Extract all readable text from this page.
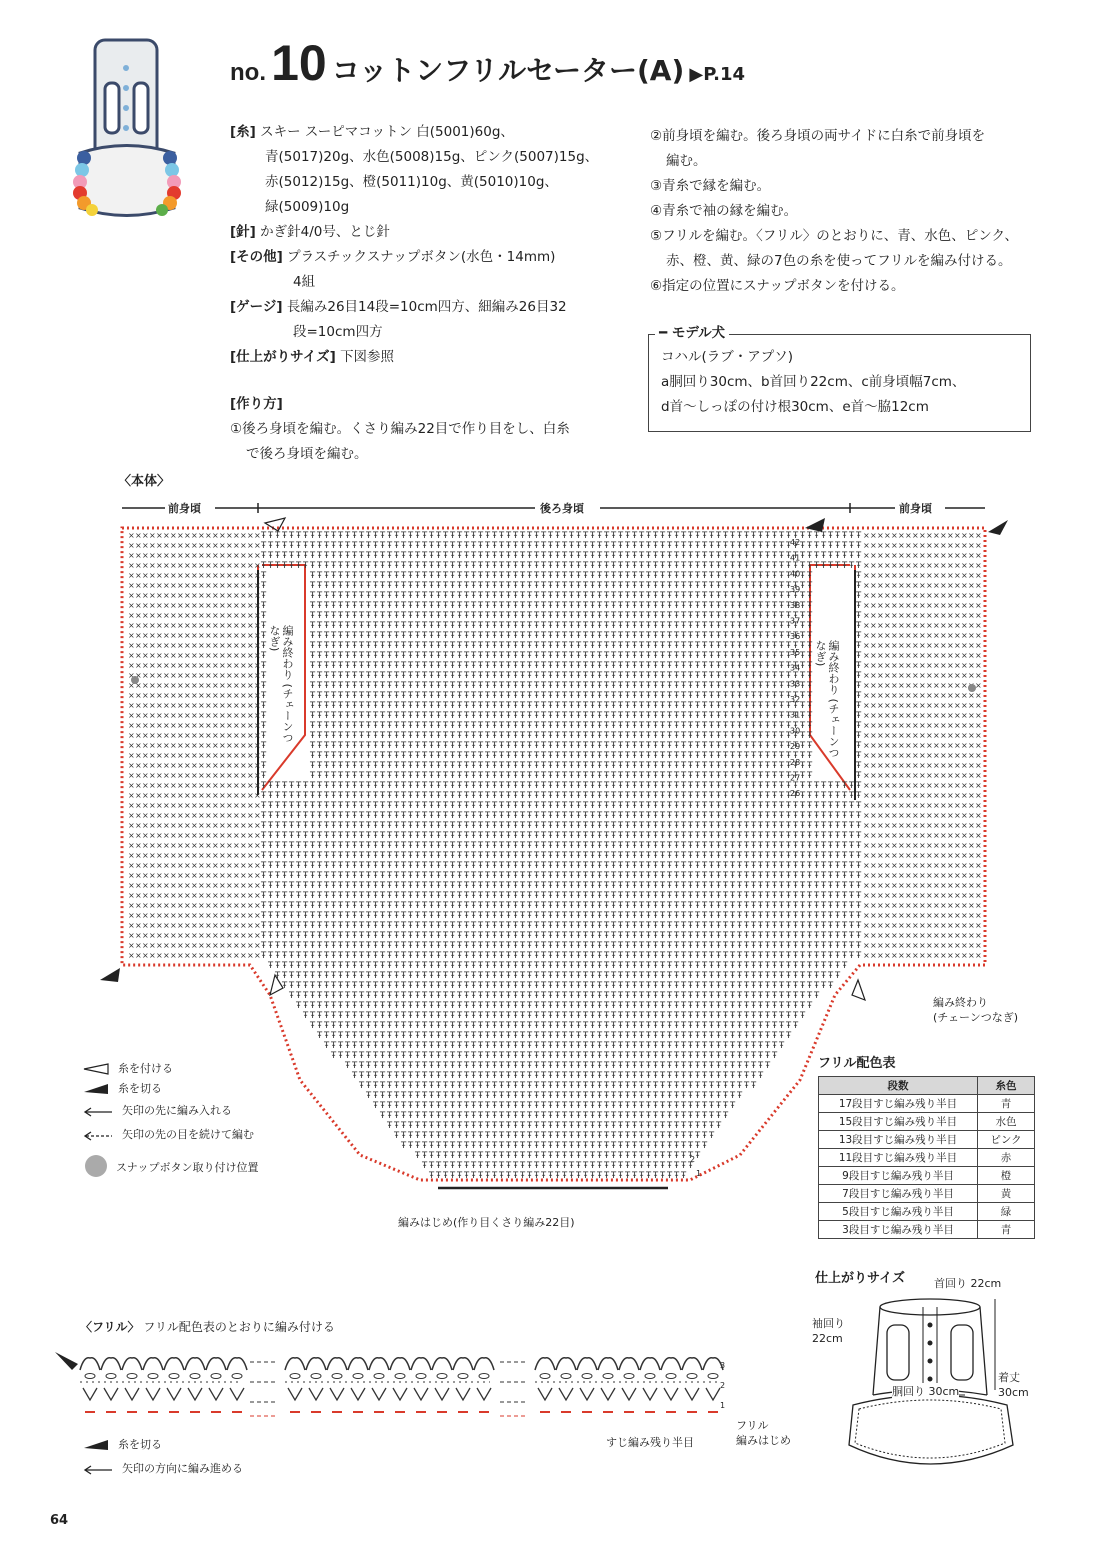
no. 10 コットンフリルセーター(A) ▶P.14
[糸] スキー スーピマコットン 白(5001)60g、
青(5017)20g、水色(5008)15g、ピンク(5007)15g、
赤(5012)15g、橙(5011)10g、黄(5010)10g、
緑(5009)10g
[針] かぎ針4/0号、とじ針
[その他] プラスチックスナップボタン(水色・14mm)
4組
[ゲージ] 長編み26目14段=10cm四方、細編み26目32
段=10cm四方
[仕上がりサイズ] 下図参照
[作り方]
①後ろ身頃を編む。くさり編み22目で作り目をし、白糸
で後ろ身頃を編む。
②前身頃を編む。後ろ身頃の両サイドに白糸で前身頃を
編む。
③青糸で縁を編む。
④青糸で袖の縁を編む。
⑤フリルを編む。〈フリル〉のとおりに、青、水色、ピンク、
赤、橙、黄、緑の7色の糸を使ってフリルを編み付ける。
⑥指定の位置にスナップボタンを付ける。
━ モデル犬
コハル(ラブ・アプソ)
a胴回り30cm、b首回り22cm、c前身頃幅7cm、
d首〜しっぽの付け根30cm、e首〜脇12cm
〈本体〉
× × × × × × × × × × × × × × × × × × × Ŧ Ŧ Ŧ Ŧ Ŧ Ŧ Ŧ Ŧ Ŧ Ŧ Ŧ Ŧ Ŧ Ŧ Ŧ Ŧ Ŧ Ŧ Ŧ Ŧ Ŧ Ŧ Ŧ Ŧ Ŧ Ŧ Ŧ Ŧ Ŧ Ŧ Ŧ Ŧ Ŧ Ŧ Ŧ Ŧ Ŧ Ŧ Ŧ Ŧ Ŧ Ŧ Ŧ Ŧ Ŧ Ŧ Ŧ Ŧ Ŧ Ŧ Ŧ Ŧ Ŧ Ŧ Ŧ Ŧ Ŧ Ŧ Ŧ Ŧ Ŧ Ŧ Ŧ Ŧ Ŧ Ŧ Ŧ Ŧ Ŧ Ŧ Ŧ Ŧ Ŧ Ŧ Ŧ Ŧ Ŧ Ŧ Ŧ Ŧ Ŧ Ŧ Ŧ Ŧ Ŧ Ŧ × × × × × × × × × × × × × × × × ×
× × × × × × × × × × × × × × × × × × × Ŧ Ŧ Ŧ Ŧ Ŧ Ŧ Ŧ Ŧ Ŧ Ŧ Ŧ Ŧ Ŧ Ŧ Ŧ Ŧ Ŧ Ŧ Ŧ Ŧ Ŧ Ŧ Ŧ Ŧ Ŧ Ŧ Ŧ Ŧ Ŧ Ŧ Ŧ Ŧ Ŧ Ŧ Ŧ Ŧ Ŧ Ŧ Ŧ Ŧ Ŧ Ŧ Ŧ Ŧ Ŧ Ŧ Ŧ Ŧ Ŧ Ŧ Ŧ Ŧ Ŧ Ŧ Ŧ Ŧ Ŧ Ŧ Ŧ Ŧ Ŧ Ŧ Ŧ Ŧ Ŧ Ŧ Ŧ Ŧ Ŧ Ŧ Ŧ Ŧ Ŧ Ŧ Ŧ Ŧ Ŧ Ŧ Ŧ Ŧ Ŧ Ŧ Ŧ Ŧ Ŧ Ŧ × × × × × × × × × × × × × × × × ×
× × × × × × × × × × × × × × × × × × × Ŧ Ŧ Ŧ Ŧ Ŧ Ŧ Ŧ Ŧ Ŧ Ŧ Ŧ Ŧ Ŧ Ŧ Ŧ Ŧ Ŧ Ŧ Ŧ Ŧ Ŧ Ŧ Ŧ Ŧ Ŧ Ŧ Ŧ Ŧ Ŧ Ŧ Ŧ Ŧ Ŧ Ŧ Ŧ Ŧ Ŧ Ŧ Ŧ Ŧ Ŧ Ŧ Ŧ Ŧ Ŧ Ŧ Ŧ Ŧ Ŧ Ŧ Ŧ Ŧ Ŧ Ŧ Ŧ Ŧ Ŧ Ŧ Ŧ Ŧ Ŧ Ŧ Ŧ Ŧ Ŧ Ŧ Ŧ Ŧ Ŧ Ŧ Ŧ Ŧ Ŧ Ŧ Ŧ Ŧ Ŧ Ŧ Ŧ Ŧ Ŧ Ŧ Ŧ Ŧ Ŧ Ŧ × × × × × × × × × × × × × × × × ×
× × × × × × × × × × × × × × × × × × × Ŧ Ŧ Ŧ Ŧ Ŧ Ŧ Ŧ Ŧ Ŧ Ŧ Ŧ Ŧ Ŧ Ŧ Ŧ Ŧ Ŧ Ŧ Ŧ Ŧ Ŧ Ŧ Ŧ Ŧ Ŧ Ŧ Ŧ Ŧ Ŧ Ŧ Ŧ Ŧ Ŧ Ŧ Ŧ Ŧ Ŧ Ŧ Ŧ Ŧ Ŧ Ŧ Ŧ Ŧ Ŧ Ŧ Ŧ Ŧ Ŧ Ŧ Ŧ Ŧ Ŧ Ŧ Ŧ Ŧ Ŧ Ŧ Ŧ Ŧ Ŧ Ŧ Ŧ Ŧ Ŧ Ŧ Ŧ Ŧ Ŧ Ŧ Ŧ Ŧ Ŧ Ŧ Ŧ Ŧ Ŧ Ŧ Ŧ Ŧ Ŧ Ŧ Ŧ Ŧ Ŧ Ŧ × × × × × × × × × × × × × × × × ×
× × × × × × × × × × × × × × × × × × × Ŧ	Ŧ Ŧ Ŧ Ŧ Ŧ Ŧ Ŧ Ŧ Ŧ Ŧ Ŧ Ŧ Ŧ Ŧ Ŧ Ŧ Ŧ Ŧ Ŧ Ŧ Ŧ Ŧ Ŧ Ŧ Ŧ Ŧ Ŧ Ŧ Ŧ Ŧ Ŧ Ŧ Ŧ Ŧ Ŧ Ŧ Ŧ Ŧ Ŧ Ŧ Ŧ Ŧ Ŧ Ŧ Ŧ Ŧ Ŧ Ŧ Ŧ Ŧ Ŧ Ŧ Ŧ Ŧ Ŧ Ŧ Ŧ Ŧ Ŧ Ŧ Ŧ Ŧ Ŧ Ŧ Ŧ Ŧ Ŧ Ŧ Ŧ Ŧ Ŧ Ŧ	Ŧ × × × × × × × × × × × × × × × × ×
× × × × × × × × × × × × × × × × × × × Ŧ	Ŧ Ŧ Ŧ Ŧ Ŧ Ŧ Ŧ Ŧ Ŧ Ŧ Ŧ Ŧ Ŧ Ŧ Ŧ Ŧ Ŧ Ŧ Ŧ Ŧ Ŧ Ŧ Ŧ Ŧ Ŧ Ŧ Ŧ Ŧ Ŧ Ŧ Ŧ Ŧ Ŧ Ŧ Ŧ Ŧ Ŧ Ŧ Ŧ Ŧ Ŧ Ŧ Ŧ Ŧ Ŧ Ŧ Ŧ Ŧ Ŧ Ŧ Ŧ Ŧ Ŧ Ŧ Ŧ Ŧ Ŧ Ŧ Ŧ Ŧ Ŧ Ŧ Ŧ Ŧ Ŧ Ŧ Ŧ Ŧ Ŧ Ŧ Ŧ Ŧ	Ŧ × × × × × × × × × × × × × × × × ×
× × × × × × × × × × × × × × × × × × × Ŧ	Ŧ Ŧ Ŧ Ŧ Ŧ Ŧ Ŧ Ŧ Ŧ Ŧ Ŧ Ŧ Ŧ Ŧ Ŧ Ŧ Ŧ Ŧ Ŧ Ŧ Ŧ Ŧ Ŧ Ŧ Ŧ Ŧ Ŧ Ŧ Ŧ Ŧ Ŧ Ŧ Ŧ Ŧ Ŧ Ŧ Ŧ Ŧ Ŧ Ŧ Ŧ Ŧ Ŧ Ŧ Ŧ Ŧ Ŧ Ŧ Ŧ Ŧ Ŧ Ŧ Ŧ Ŧ Ŧ Ŧ Ŧ Ŧ Ŧ Ŧ Ŧ Ŧ Ŧ Ŧ Ŧ Ŧ Ŧ Ŧ Ŧ Ŧ Ŧ Ŧ	Ŧ × × × × × × × × × × × × × × × × ×
× × × × × × × × × × × × × × × × × × × Ŧ	Ŧ Ŧ Ŧ Ŧ Ŧ Ŧ Ŧ Ŧ Ŧ Ŧ Ŧ Ŧ Ŧ Ŧ Ŧ Ŧ Ŧ Ŧ Ŧ Ŧ Ŧ Ŧ Ŧ Ŧ Ŧ Ŧ Ŧ Ŧ Ŧ Ŧ Ŧ Ŧ Ŧ Ŧ Ŧ Ŧ Ŧ Ŧ Ŧ Ŧ Ŧ Ŧ Ŧ Ŧ Ŧ Ŧ Ŧ Ŧ Ŧ Ŧ Ŧ Ŧ Ŧ Ŧ Ŧ Ŧ Ŧ Ŧ Ŧ Ŧ Ŧ Ŧ Ŧ Ŧ Ŧ Ŧ Ŧ Ŧ Ŧ Ŧ Ŧ Ŧ	Ŧ × × × × × × × × × × × × × × × × ×
× × × × × × × × × × × × × × × × × × × Ŧ	Ŧ Ŧ Ŧ Ŧ Ŧ Ŧ Ŧ Ŧ Ŧ Ŧ Ŧ Ŧ Ŧ Ŧ Ŧ Ŧ Ŧ Ŧ Ŧ Ŧ Ŧ Ŧ Ŧ Ŧ Ŧ Ŧ Ŧ Ŧ Ŧ Ŧ Ŧ Ŧ Ŧ Ŧ Ŧ Ŧ Ŧ Ŧ Ŧ Ŧ Ŧ Ŧ Ŧ Ŧ Ŧ Ŧ Ŧ Ŧ Ŧ Ŧ Ŧ Ŧ Ŧ Ŧ Ŧ Ŧ Ŧ Ŧ Ŧ Ŧ Ŧ Ŧ Ŧ Ŧ Ŧ Ŧ Ŧ Ŧ Ŧ Ŧ Ŧ Ŧ	Ŧ × × × × × × × × × × × × × × × × ×
× × × × × × × × × × × × × × × × × × × Ŧ	Ŧ Ŧ Ŧ Ŧ Ŧ Ŧ Ŧ Ŧ Ŧ Ŧ Ŧ Ŧ Ŧ Ŧ Ŧ Ŧ Ŧ Ŧ Ŧ Ŧ Ŧ Ŧ Ŧ Ŧ Ŧ Ŧ Ŧ Ŧ Ŧ Ŧ Ŧ Ŧ Ŧ Ŧ Ŧ Ŧ Ŧ Ŧ Ŧ Ŧ Ŧ Ŧ Ŧ Ŧ Ŧ Ŧ Ŧ Ŧ Ŧ Ŧ Ŧ Ŧ Ŧ Ŧ Ŧ Ŧ Ŧ Ŧ Ŧ Ŧ Ŧ Ŧ Ŧ Ŧ Ŧ Ŧ Ŧ Ŧ Ŧ Ŧ Ŧ Ŧ	Ŧ × × × × × × × × × × × × × × × × ×
× × × × × × × × × × × × × × × × × × × Ŧ	Ŧ Ŧ Ŧ Ŧ Ŧ Ŧ Ŧ Ŧ Ŧ Ŧ Ŧ Ŧ Ŧ Ŧ Ŧ Ŧ Ŧ Ŧ Ŧ Ŧ Ŧ Ŧ Ŧ Ŧ Ŧ Ŧ Ŧ Ŧ Ŧ Ŧ Ŧ Ŧ Ŧ Ŧ Ŧ Ŧ Ŧ Ŧ Ŧ Ŧ Ŧ Ŧ Ŧ Ŧ Ŧ Ŧ Ŧ Ŧ Ŧ Ŧ Ŧ Ŧ Ŧ Ŧ Ŧ Ŧ Ŧ Ŧ Ŧ Ŧ Ŧ Ŧ Ŧ Ŧ Ŧ Ŧ Ŧ Ŧ Ŧ Ŧ Ŧ Ŧ	Ŧ × × × × × × × × × × × × × × × × ×
× × × × × × × × × × × × × × × × × × × Ŧ	Ŧ Ŧ Ŧ Ŧ Ŧ Ŧ Ŧ Ŧ Ŧ Ŧ Ŧ Ŧ Ŧ Ŧ Ŧ Ŧ Ŧ Ŧ Ŧ Ŧ Ŧ Ŧ Ŧ Ŧ Ŧ Ŧ Ŧ Ŧ Ŧ Ŧ Ŧ Ŧ Ŧ Ŧ Ŧ Ŧ Ŧ Ŧ Ŧ Ŧ Ŧ Ŧ Ŧ Ŧ Ŧ Ŧ Ŧ Ŧ Ŧ Ŧ Ŧ Ŧ Ŧ Ŧ Ŧ Ŧ Ŧ Ŧ Ŧ Ŧ Ŧ Ŧ Ŧ Ŧ Ŧ Ŧ Ŧ Ŧ Ŧ Ŧ Ŧ Ŧ	Ŧ × × × × × × × × × × × × × × × × ×
× × × × × × × × × × × × × × × × × × × Ŧ	Ŧ Ŧ Ŧ Ŧ Ŧ Ŧ Ŧ Ŧ Ŧ Ŧ Ŧ Ŧ Ŧ Ŧ Ŧ Ŧ Ŧ Ŧ Ŧ Ŧ Ŧ Ŧ Ŧ Ŧ Ŧ Ŧ Ŧ Ŧ Ŧ Ŧ Ŧ Ŧ Ŧ Ŧ Ŧ Ŧ Ŧ Ŧ Ŧ Ŧ Ŧ Ŧ Ŧ Ŧ Ŧ Ŧ Ŧ Ŧ Ŧ Ŧ Ŧ Ŧ Ŧ Ŧ Ŧ Ŧ Ŧ Ŧ Ŧ Ŧ Ŧ Ŧ Ŧ Ŧ Ŧ Ŧ Ŧ Ŧ Ŧ Ŧ Ŧ Ŧ	Ŧ × × × × × × × × × × × × × × × × ×
× × × × × × × × × × × × × × × × × × × Ŧ	Ŧ Ŧ Ŧ Ŧ Ŧ Ŧ Ŧ Ŧ Ŧ Ŧ Ŧ Ŧ Ŧ Ŧ Ŧ Ŧ Ŧ Ŧ Ŧ Ŧ Ŧ Ŧ Ŧ Ŧ Ŧ Ŧ Ŧ Ŧ Ŧ Ŧ Ŧ Ŧ Ŧ Ŧ Ŧ Ŧ Ŧ Ŧ Ŧ Ŧ Ŧ Ŧ Ŧ Ŧ Ŧ Ŧ Ŧ Ŧ Ŧ Ŧ Ŧ Ŧ Ŧ Ŧ Ŧ Ŧ Ŧ Ŧ Ŧ Ŧ Ŧ Ŧ Ŧ Ŧ Ŧ Ŧ Ŧ Ŧ Ŧ Ŧ Ŧ Ŧ	Ŧ × × × × × × × × × × × × × × × × ×
× × × × × × × × × × × × × × × × × × × Ŧ	Ŧ Ŧ Ŧ Ŧ Ŧ Ŧ Ŧ Ŧ Ŧ Ŧ Ŧ Ŧ Ŧ Ŧ Ŧ Ŧ Ŧ Ŧ Ŧ Ŧ Ŧ Ŧ Ŧ Ŧ Ŧ Ŧ Ŧ Ŧ Ŧ Ŧ Ŧ Ŧ Ŧ Ŧ Ŧ Ŧ Ŧ Ŧ Ŧ Ŧ Ŧ Ŧ Ŧ Ŧ Ŧ Ŧ Ŧ Ŧ Ŧ Ŧ Ŧ Ŧ Ŧ Ŧ Ŧ Ŧ Ŧ Ŧ Ŧ Ŧ Ŧ Ŧ Ŧ Ŧ Ŧ Ŧ Ŧ Ŧ Ŧ Ŧ Ŧ Ŧ	Ŧ × × × × × × × × × × × × × × × × ×
× × × × × × × × × × × × × × × × × × × Ŧ	Ŧ Ŧ Ŧ Ŧ Ŧ Ŧ Ŧ Ŧ Ŧ Ŧ Ŧ Ŧ Ŧ Ŧ Ŧ Ŧ Ŧ Ŧ Ŧ Ŧ Ŧ Ŧ Ŧ Ŧ Ŧ Ŧ Ŧ Ŧ Ŧ Ŧ Ŧ Ŧ Ŧ Ŧ Ŧ Ŧ Ŧ Ŧ Ŧ Ŧ Ŧ Ŧ Ŧ Ŧ Ŧ Ŧ Ŧ Ŧ Ŧ Ŧ Ŧ Ŧ Ŧ Ŧ Ŧ Ŧ Ŧ Ŧ Ŧ Ŧ Ŧ Ŧ Ŧ Ŧ Ŧ Ŧ Ŧ Ŧ Ŧ Ŧ Ŧ Ŧ	Ŧ × × × × × × × × × × × × × × × ×
× × × × × × × × × × × × × × × × × × × Ŧ	Ŧ Ŧ Ŧ Ŧ Ŧ Ŧ Ŧ Ŧ Ŧ Ŧ Ŧ Ŧ Ŧ Ŧ Ŧ Ŧ Ŧ Ŧ Ŧ Ŧ Ŧ Ŧ Ŧ Ŧ Ŧ Ŧ Ŧ Ŧ Ŧ Ŧ Ŧ Ŧ Ŧ Ŧ Ŧ Ŧ Ŧ Ŧ Ŧ Ŧ Ŧ Ŧ Ŧ Ŧ Ŧ Ŧ Ŧ Ŧ Ŧ Ŧ Ŧ Ŧ Ŧ Ŧ Ŧ Ŧ Ŧ Ŧ Ŧ Ŧ Ŧ Ŧ Ŧ Ŧ Ŧ Ŧ Ŧ Ŧ Ŧ Ŧ Ŧ Ŧ	Ŧ × × × × × × × × × × × × × × × × ×
× × × × × × × × × × × × × × × × × × × Ŧ	Ŧ Ŧ Ŧ Ŧ Ŧ Ŧ Ŧ Ŧ Ŧ Ŧ Ŧ Ŧ Ŧ Ŧ Ŧ Ŧ Ŧ Ŧ Ŧ Ŧ Ŧ Ŧ Ŧ Ŧ Ŧ Ŧ Ŧ Ŧ Ŧ Ŧ Ŧ Ŧ Ŧ Ŧ Ŧ Ŧ Ŧ Ŧ Ŧ Ŧ Ŧ Ŧ Ŧ Ŧ Ŧ Ŧ Ŧ Ŧ Ŧ Ŧ Ŧ Ŧ Ŧ Ŧ Ŧ Ŧ Ŧ Ŧ Ŧ Ŧ Ŧ Ŧ Ŧ Ŧ Ŧ Ŧ Ŧ Ŧ Ŧ Ŧ Ŧ Ŧ	Ŧ × × × × × × × × × × × × × × × × ×
× × × × × × × × × × × × × × × × × × × Ŧ	Ŧ Ŧ Ŧ Ŧ Ŧ Ŧ Ŧ Ŧ Ŧ Ŧ Ŧ Ŧ Ŧ Ŧ Ŧ Ŧ Ŧ Ŧ Ŧ Ŧ Ŧ Ŧ Ŧ Ŧ Ŧ Ŧ Ŧ Ŧ Ŧ Ŧ Ŧ Ŧ Ŧ Ŧ Ŧ Ŧ Ŧ Ŧ Ŧ Ŧ Ŧ Ŧ Ŧ Ŧ Ŧ Ŧ Ŧ Ŧ Ŧ Ŧ Ŧ Ŧ Ŧ Ŧ Ŧ Ŧ Ŧ Ŧ Ŧ Ŧ Ŧ Ŧ Ŧ Ŧ Ŧ Ŧ Ŧ Ŧ Ŧ Ŧ Ŧ Ŧ	Ŧ × × × × × × × × × × × × × × × × ×
× × × × × × × × × × × × × × × × × × × Ŧ	Ŧ Ŧ Ŧ Ŧ Ŧ Ŧ Ŧ Ŧ Ŧ Ŧ Ŧ Ŧ Ŧ Ŧ Ŧ Ŧ Ŧ Ŧ Ŧ Ŧ Ŧ Ŧ Ŧ Ŧ Ŧ Ŧ Ŧ Ŧ Ŧ Ŧ Ŧ Ŧ Ŧ Ŧ Ŧ Ŧ Ŧ Ŧ Ŧ Ŧ Ŧ Ŧ Ŧ Ŧ Ŧ Ŧ Ŧ Ŧ Ŧ Ŧ Ŧ Ŧ Ŧ Ŧ Ŧ Ŧ Ŧ Ŧ Ŧ Ŧ Ŧ Ŧ Ŧ Ŧ Ŧ Ŧ Ŧ Ŧ Ŧ Ŧ Ŧ Ŧ	Ŧ × × × × × × × × × × × × × × × × ×
× × × × × × × × × × × × × × × × × × × Ŧ	Ŧ Ŧ Ŧ Ŧ Ŧ Ŧ Ŧ Ŧ Ŧ Ŧ Ŧ Ŧ Ŧ Ŧ Ŧ Ŧ Ŧ Ŧ Ŧ Ŧ Ŧ Ŧ Ŧ Ŧ Ŧ Ŧ Ŧ Ŧ Ŧ Ŧ Ŧ Ŧ Ŧ Ŧ Ŧ Ŧ Ŧ Ŧ Ŧ Ŧ Ŧ Ŧ Ŧ Ŧ Ŧ Ŧ Ŧ Ŧ Ŧ Ŧ Ŧ Ŧ Ŧ Ŧ Ŧ Ŧ Ŧ Ŧ Ŧ Ŧ Ŧ Ŧ Ŧ Ŧ Ŧ Ŧ Ŧ Ŧ Ŧ Ŧ Ŧ Ŧ	Ŧ × × × × × × × × × × × × × × × × ×
× × × × × × × × × × × × × × × × × × × Ŧ	Ŧ Ŧ Ŧ Ŧ Ŧ Ŧ Ŧ Ŧ Ŧ Ŧ Ŧ Ŧ Ŧ Ŧ Ŧ Ŧ Ŧ Ŧ Ŧ Ŧ Ŧ Ŧ Ŧ Ŧ Ŧ Ŧ Ŧ Ŧ Ŧ Ŧ Ŧ Ŧ Ŧ Ŧ Ŧ Ŧ Ŧ Ŧ Ŧ Ŧ Ŧ Ŧ Ŧ Ŧ Ŧ Ŧ Ŧ Ŧ Ŧ Ŧ Ŧ Ŧ Ŧ Ŧ Ŧ Ŧ Ŧ Ŧ Ŧ Ŧ Ŧ Ŧ Ŧ Ŧ Ŧ Ŧ Ŧ Ŧ Ŧ Ŧ Ŧ Ŧ	Ŧ × × × × × × × × × × × × × × × × ×
× × × × × × × × × × × × × × × × × × × Ŧ	Ŧ Ŧ Ŧ Ŧ Ŧ Ŧ Ŧ Ŧ Ŧ Ŧ Ŧ Ŧ Ŧ Ŧ Ŧ Ŧ Ŧ Ŧ Ŧ Ŧ Ŧ Ŧ Ŧ Ŧ Ŧ Ŧ Ŧ Ŧ Ŧ Ŧ Ŧ Ŧ Ŧ Ŧ Ŧ Ŧ Ŧ Ŧ Ŧ Ŧ Ŧ Ŧ Ŧ Ŧ Ŧ Ŧ Ŧ Ŧ Ŧ Ŧ Ŧ Ŧ Ŧ Ŧ Ŧ Ŧ Ŧ Ŧ Ŧ Ŧ Ŧ Ŧ Ŧ Ŧ Ŧ Ŧ Ŧ Ŧ Ŧ Ŧ Ŧ Ŧ	Ŧ × × × × × × × × × × × × × × × × ×
× × × × × × × × × × × × × × × × × × × Ŧ	Ŧ Ŧ Ŧ Ŧ Ŧ Ŧ Ŧ Ŧ Ŧ Ŧ Ŧ Ŧ Ŧ Ŧ Ŧ Ŧ Ŧ Ŧ Ŧ Ŧ Ŧ Ŧ Ŧ Ŧ Ŧ Ŧ Ŧ Ŧ Ŧ Ŧ Ŧ Ŧ Ŧ Ŧ Ŧ Ŧ Ŧ Ŧ Ŧ Ŧ Ŧ Ŧ Ŧ Ŧ Ŧ Ŧ Ŧ Ŧ Ŧ Ŧ Ŧ Ŧ Ŧ Ŧ Ŧ Ŧ Ŧ Ŧ Ŧ Ŧ Ŧ Ŧ Ŧ Ŧ Ŧ Ŧ Ŧ Ŧ Ŧ Ŧ Ŧ Ŧ	Ŧ × × × × × × × × × × × × × × × × ×
× × × × × × × × × × × × × × × × × × × Ŧ	Ŧ Ŧ Ŧ Ŧ Ŧ Ŧ Ŧ Ŧ Ŧ Ŧ Ŧ Ŧ Ŧ Ŧ Ŧ Ŧ Ŧ Ŧ Ŧ Ŧ Ŧ Ŧ Ŧ Ŧ Ŧ Ŧ Ŧ Ŧ Ŧ Ŧ Ŧ Ŧ Ŧ Ŧ Ŧ Ŧ Ŧ Ŧ Ŧ Ŧ Ŧ Ŧ Ŧ Ŧ Ŧ Ŧ Ŧ Ŧ Ŧ Ŧ Ŧ Ŧ Ŧ Ŧ Ŧ Ŧ Ŧ Ŧ Ŧ Ŧ Ŧ Ŧ Ŧ Ŧ Ŧ Ŧ Ŧ Ŧ Ŧ Ŧ Ŧ Ŧ	Ŧ × × × × × × × × × × × × × × × × ×
× × × × × × × × × × × × × × × × × × × Ŧ Ŧ Ŧ Ŧ Ŧ Ŧ Ŧ Ŧ Ŧ Ŧ Ŧ Ŧ Ŧ Ŧ Ŧ Ŧ Ŧ Ŧ Ŧ Ŧ Ŧ Ŧ Ŧ Ŧ Ŧ Ŧ Ŧ Ŧ Ŧ Ŧ Ŧ Ŧ Ŧ Ŧ Ŧ Ŧ Ŧ Ŧ Ŧ Ŧ Ŧ Ŧ Ŧ Ŧ Ŧ Ŧ Ŧ Ŧ Ŧ Ŧ Ŧ Ŧ Ŧ Ŧ Ŧ Ŧ Ŧ Ŧ Ŧ Ŧ Ŧ Ŧ Ŧ Ŧ Ŧ Ŧ Ŧ Ŧ Ŧ Ŧ Ŧ Ŧ Ŧ Ŧ Ŧ Ŧ Ŧ Ŧ Ŧ Ŧ Ŧ Ŧ Ŧ Ŧ Ŧ Ŧ × × × × × × × × × × × × × × × × ×
× × × × × × × × × × × × × × × × × × × Ŧ Ŧ Ŧ Ŧ Ŧ Ŧ Ŧ Ŧ Ŧ Ŧ Ŧ Ŧ Ŧ Ŧ Ŧ Ŧ Ŧ Ŧ Ŧ Ŧ Ŧ Ŧ Ŧ Ŧ Ŧ Ŧ Ŧ Ŧ Ŧ Ŧ Ŧ Ŧ Ŧ Ŧ Ŧ Ŧ Ŧ Ŧ Ŧ Ŧ Ŧ Ŧ Ŧ Ŧ Ŧ Ŧ Ŧ Ŧ Ŧ Ŧ Ŧ Ŧ Ŧ Ŧ Ŧ Ŧ Ŧ Ŧ Ŧ Ŧ Ŧ Ŧ Ŧ Ŧ Ŧ Ŧ Ŧ Ŧ Ŧ Ŧ Ŧ Ŧ Ŧ Ŧ Ŧ Ŧ Ŧ Ŧ Ŧ Ŧ Ŧ Ŧ Ŧ Ŧ Ŧ Ŧ × × × × × × × × × × × × × × × × ×
× × × × × × × × × × × × × × × × × × × Ŧ Ŧ Ŧ Ŧ Ŧ Ŧ Ŧ Ŧ Ŧ Ŧ Ŧ Ŧ Ŧ Ŧ Ŧ Ŧ Ŧ Ŧ Ŧ Ŧ Ŧ Ŧ Ŧ Ŧ Ŧ Ŧ Ŧ Ŧ Ŧ Ŧ Ŧ Ŧ Ŧ Ŧ Ŧ Ŧ Ŧ Ŧ Ŧ Ŧ Ŧ Ŧ Ŧ Ŧ Ŧ Ŧ Ŧ Ŧ Ŧ Ŧ Ŧ Ŧ Ŧ Ŧ Ŧ Ŧ Ŧ Ŧ Ŧ Ŧ Ŧ Ŧ Ŧ Ŧ Ŧ Ŧ Ŧ Ŧ Ŧ Ŧ Ŧ Ŧ Ŧ Ŧ Ŧ Ŧ Ŧ Ŧ Ŧ Ŧ Ŧ Ŧ Ŧ Ŧ Ŧ Ŧ × × × × × × × × × × × × × × × × ×
× × × × × × × × × × × × × × × × × × × Ŧ Ŧ Ŧ Ŧ Ŧ Ŧ Ŧ Ŧ Ŧ Ŧ Ŧ Ŧ Ŧ Ŧ Ŧ Ŧ Ŧ Ŧ Ŧ Ŧ Ŧ Ŧ Ŧ Ŧ Ŧ Ŧ Ŧ Ŧ Ŧ Ŧ Ŧ Ŧ Ŧ Ŧ Ŧ Ŧ Ŧ Ŧ Ŧ Ŧ Ŧ Ŧ Ŧ Ŧ Ŧ Ŧ Ŧ Ŧ Ŧ Ŧ Ŧ Ŧ Ŧ Ŧ Ŧ Ŧ Ŧ Ŧ Ŧ Ŧ Ŧ Ŧ Ŧ Ŧ Ŧ Ŧ Ŧ Ŧ Ŧ Ŧ Ŧ Ŧ Ŧ Ŧ Ŧ Ŧ Ŧ Ŧ Ŧ Ŧ Ŧ Ŧ Ŧ Ŧ Ŧ Ŧ × × × × × × × × × × × × × × × × ×
× × × × × × × × × × × × × × × × × × × Ŧ Ŧ Ŧ Ŧ Ŧ Ŧ Ŧ Ŧ Ŧ Ŧ Ŧ Ŧ Ŧ Ŧ Ŧ Ŧ Ŧ Ŧ Ŧ Ŧ Ŧ Ŧ Ŧ Ŧ Ŧ Ŧ Ŧ Ŧ Ŧ Ŧ Ŧ Ŧ Ŧ Ŧ Ŧ Ŧ Ŧ Ŧ Ŧ Ŧ Ŧ Ŧ Ŧ Ŧ Ŧ Ŧ Ŧ Ŧ Ŧ Ŧ Ŧ Ŧ Ŧ Ŧ Ŧ Ŧ Ŧ Ŧ Ŧ Ŧ Ŧ Ŧ Ŧ Ŧ Ŧ Ŧ Ŧ Ŧ Ŧ Ŧ Ŧ Ŧ Ŧ Ŧ Ŧ Ŧ Ŧ Ŧ Ŧ Ŧ Ŧ Ŧ Ŧ Ŧ Ŧ Ŧ × × × × × × × × × × × × × × × × ×
× × × × × × × × × × × × × × × × × × × Ŧ Ŧ Ŧ Ŧ Ŧ Ŧ Ŧ Ŧ Ŧ Ŧ Ŧ Ŧ Ŧ Ŧ Ŧ Ŧ Ŧ Ŧ Ŧ Ŧ Ŧ Ŧ Ŧ Ŧ Ŧ Ŧ Ŧ Ŧ Ŧ Ŧ Ŧ Ŧ Ŧ Ŧ Ŧ Ŧ Ŧ Ŧ Ŧ Ŧ Ŧ Ŧ Ŧ Ŧ Ŧ Ŧ Ŧ Ŧ Ŧ Ŧ Ŧ Ŧ Ŧ Ŧ Ŧ Ŧ Ŧ Ŧ Ŧ Ŧ Ŧ Ŧ Ŧ Ŧ Ŧ Ŧ Ŧ Ŧ Ŧ Ŧ Ŧ Ŧ Ŧ Ŧ Ŧ Ŧ Ŧ Ŧ Ŧ Ŧ Ŧ Ŧ Ŧ Ŧ Ŧ Ŧ × × × × × × × × × × × × × × × × ×
× × × × × × × × × × × × × × × × × × × Ŧ Ŧ Ŧ Ŧ Ŧ Ŧ Ŧ Ŧ Ŧ Ŧ Ŧ Ŧ Ŧ Ŧ Ŧ Ŧ Ŧ Ŧ Ŧ Ŧ Ŧ Ŧ Ŧ Ŧ Ŧ Ŧ Ŧ Ŧ Ŧ Ŧ Ŧ Ŧ Ŧ Ŧ Ŧ Ŧ Ŧ Ŧ Ŧ Ŧ Ŧ Ŧ Ŧ Ŧ Ŧ Ŧ Ŧ Ŧ Ŧ Ŧ Ŧ Ŧ Ŧ Ŧ Ŧ Ŧ Ŧ Ŧ Ŧ Ŧ Ŧ Ŧ Ŧ Ŧ Ŧ Ŧ Ŧ Ŧ Ŧ Ŧ Ŧ Ŧ Ŧ Ŧ Ŧ Ŧ Ŧ Ŧ Ŧ Ŧ Ŧ Ŧ Ŧ Ŧ Ŧ Ŧ × × × × × × × × × × × × × × × × ×
× × × × × × × × × × × × × × × × × × × Ŧ Ŧ Ŧ Ŧ Ŧ Ŧ Ŧ Ŧ Ŧ Ŧ Ŧ Ŧ Ŧ Ŧ Ŧ Ŧ Ŧ Ŧ Ŧ Ŧ Ŧ Ŧ Ŧ Ŧ Ŧ Ŧ Ŧ Ŧ Ŧ Ŧ Ŧ Ŧ Ŧ Ŧ Ŧ Ŧ Ŧ Ŧ Ŧ Ŧ Ŧ Ŧ Ŧ Ŧ Ŧ Ŧ Ŧ Ŧ Ŧ Ŧ Ŧ Ŧ Ŧ Ŧ Ŧ Ŧ Ŧ Ŧ Ŧ Ŧ Ŧ Ŧ Ŧ Ŧ Ŧ Ŧ Ŧ Ŧ Ŧ Ŧ Ŧ Ŧ Ŧ Ŧ Ŧ Ŧ Ŧ Ŧ Ŧ Ŧ Ŧ Ŧ Ŧ Ŧ Ŧ Ŧ × × × × × × × × × × × × × × × × ×
× × × × × × × × × × × × × × × × × × × Ŧ Ŧ Ŧ Ŧ Ŧ Ŧ Ŧ Ŧ Ŧ Ŧ Ŧ Ŧ Ŧ Ŧ Ŧ Ŧ Ŧ Ŧ Ŧ Ŧ Ŧ Ŧ Ŧ Ŧ Ŧ Ŧ Ŧ Ŧ Ŧ Ŧ Ŧ Ŧ Ŧ Ŧ Ŧ Ŧ Ŧ Ŧ Ŧ Ŧ Ŧ Ŧ Ŧ Ŧ Ŧ Ŧ Ŧ Ŧ Ŧ Ŧ Ŧ Ŧ Ŧ Ŧ Ŧ Ŧ Ŧ Ŧ Ŧ Ŧ Ŧ Ŧ Ŧ Ŧ Ŧ Ŧ Ŧ Ŧ Ŧ Ŧ Ŧ Ŧ Ŧ Ŧ Ŧ Ŧ Ŧ Ŧ Ŧ Ŧ Ŧ Ŧ Ŧ Ŧ Ŧ Ŧ × × × × × × × × × × × × × × × × ×
× × × × × × × × × × × × × × × × × × × Ŧ Ŧ Ŧ Ŧ Ŧ Ŧ Ŧ Ŧ Ŧ Ŧ Ŧ Ŧ Ŧ Ŧ Ŧ Ŧ Ŧ Ŧ Ŧ Ŧ Ŧ Ŧ Ŧ Ŧ Ŧ Ŧ Ŧ Ŧ Ŧ Ŧ Ŧ Ŧ Ŧ Ŧ Ŧ Ŧ Ŧ Ŧ Ŧ Ŧ Ŧ Ŧ Ŧ Ŧ Ŧ Ŧ Ŧ Ŧ Ŧ Ŧ Ŧ Ŧ Ŧ Ŧ Ŧ Ŧ Ŧ Ŧ Ŧ Ŧ Ŧ Ŧ Ŧ Ŧ Ŧ Ŧ Ŧ Ŧ Ŧ Ŧ Ŧ Ŧ Ŧ Ŧ Ŧ Ŧ Ŧ Ŧ Ŧ Ŧ Ŧ Ŧ Ŧ Ŧ Ŧ Ŧ × × × × × × × × × × × × × × × × ×
× × × × × × × × × × × × × × × × × × × Ŧ Ŧ Ŧ Ŧ Ŧ Ŧ Ŧ Ŧ Ŧ Ŧ Ŧ Ŧ Ŧ Ŧ Ŧ Ŧ Ŧ Ŧ Ŧ Ŧ Ŧ Ŧ Ŧ Ŧ Ŧ Ŧ Ŧ Ŧ Ŧ Ŧ Ŧ Ŧ Ŧ Ŧ Ŧ Ŧ Ŧ Ŧ Ŧ Ŧ Ŧ Ŧ Ŧ Ŧ Ŧ Ŧ Ŧ Ŧ Ŧ Ŧ Ŧ Ŧ Ŧ Ŧ Ŧ Ŧ Ŧ Ŧ Ŧ Ŧ Ŧ Ŧ Ŧ Ŧ Ŧ Ŧ Ŧ Ŧ Ŧ Ŧ Ŧ Ŧ Ŧ Ŧ Ŧ Ŧ Ŧ Ŧ Ŧ Ŧ Ŧ Ŧ Ŧ Ŧ Ŧ Ŧ × × × × × × × × × × × × × × × × ×
× × × × × × × × × × × × × × × × × × × Ŧ Ŧ Ŧ Ŧ Ŧ Ŧ Ŧ Ŧ Ŧ Ŧ Ŧ Ŧ Ŧ Ŧ Ŧ Ŧ Ŧ Ŧ Ŧ Ŧ Ŧ Ŧ Ŧ Ŧ Ŧ Ŧ Ŧ Ŧ Ŧ Ŧ Ŧ Ŧ Ŧ Ŧ Ŧ Ŧ Ŧ Ŧ Ŧ Ŧ Ŧ Ŧ Ŧ Ŧ Ŧ Ŧ Ŧ Ŧ Ŧ Ŧ Ŧ Ŧ Ŧ Ŧ Ŧ Ŧ Ŧ Ŧ Ŧ Ŧ Ŧ Ŧ Ŧ Ŧ Ŧ Ŧ Ŧ Ŧ Ŧ Ŧ Ŧ Ŧ Ŧ Ŧ Ŧ Ŧ Ŧ Ŧ Ŧ Ŧ Ŧ Ŧ Ŧ Ŧ Ŧ Ŧ × × × × × × × × × × × × × × × × ×
× × × × × × × × × × × × × × × × × × × Ŧ Ŧ Ŧ Ŧ Ŧ Ŧ Ŧ Ŧ Ŧ Ŧ Ŧ Ŧ Ŧ Ŧ Ŧ Ŧ Ŧ Ŧ Ŧ Ŧ Ŧ Ŧ Ŧ Ŧ Ŧ Ŧ Ŧ Ŧ Ŧ Ŧ Ŧ Ŧ Ŧ Ŧ Ŧ Ŧ Ŧ Ŧ Ŧ Ŧ Ŧ Ŧ Ŧ Ŧ Ŧ Ŧ Ŧ Ŧ Ŧ Ŧ Ŧ Ŧ Ŧ Ŧ Ŧ Ŧ Ŧ Ŧ Ŧ Ŧ Ŧ Ŧ Ŧ Ŧ Ŧ Ŧ Ŧ Ŧ Ŧ Ŧ Ŧ Ŧ Ŧ Ŧ Ŧ Ŧ Ŧ Ŧ Ŧ Ŧ Ŧ Ŧ Ŧ Ŧ Ŧ Ŧ × × × × × × × × × × × × × × × × ×
× × × × × × × × × × × × × × × × × × × Ŧ Ŧ Ŧ Ŧ Ŧ Ŧ Ŧ Ŧ Ŧ Ŧ Ŧ Ŧ Ŧ Ŧ Ŧ Ŧ Ŧ Ŧ Ŧ Ŧ Ŧ Ŧ Ŧ Ŧ Ŧ Ŧ Ŧ Ŧ Ŧ Ŧ Ŧ Ŧ Ŧ Ŧ Ŧ Ŧ Ŧ Ŧ Ŧ Ŧ Ŧ Ŧ Ŧ Ŧ Ŧ Ŧ Ŧ Ŧ Ŧ Ŧ Ŧ Ŧ Ŧ Ŧ Ŧ Ŧ Ŧ Ŧ Ŧ Ŧ Ŧ Ŧ Ŧ Ŧ Ŧ Ŧ Ŧ Ŧ Ŧ Ŧ Ŧ Ŧ Ŧ Ŧ Ŧ Ŧ Ŧ Ŧ Ŧ Ŧ Ŧ Ŧ Ŧ Ŧ Ŧ Ŧ × × × × × × × × × × × × × × × × ×
× × × × × × × × × × × × × × × × × × × Ŧ Ŧ Ŧ Ŧ Ŧ Ŧ Ŧ Ŧ Ŧ Ŧ Ŧ Ŧ Ŧ Ŧ Ŧ Ŧ Ŧ Ŧ Ŧ Ŧ Ŧ Ŧ Ŧ Ŧ Ŧ Ŧ Ŧ Ŧ Ŧ Ŧ Ŧ Ŧ Ŧ Ŧ Ŧ Ŧ Ŧ Ŧ Ŧ Ŧ Ŧ Ŧ Ŧ Ŧ Ŧ Ŧ Ŧ Ŧ Ŧ Ŧ Ŧ Ŧ Ŧ Ŧ Ŧ Ŧ Ŧ Ŧ Ŧ Ŧ Ŧ Ŧ Ŧ Ŧ Ŧ Ŧ Ŧ Ŧ Ŧ Ŧ Ŧ Ŧ Ŧ Ŧ Ŧ Ŧ Ŧ Ŧ Ŧ Ŧ Ŧ Ŧ Ŧ Ŧ Ŧ Ŧ × × × × × × × × × × × × × × × × ×
× × × × × × × × × × × × × × × × × × × Ŧ Ŧ Ŧ Ŧ Ŧ Ŧ Ŧ Ŧ Ŧ Ŧ Ŧ Ŧ Ŧ Ŧ Ŧ Ŧ Ŧ Ŧ Ŧ Ŧ Ŧ Ŧ Ŧ Ŧ Ŧ Ŧ Ŧ Ŧ Ŧ Ŧ Ŧ Ŧ Ŧ Ŧ Ŧ Ŧ Ŧ Ŧ Ŧ Ŧ Ŧ Ŧ Ŧ Ŧ Ŧ Ŧ Ŧ Ŧ Ŧ Ŧ Ŧ Ŧ Ŧ Ŧ Ŧ Ŧ Ŧ Ŧ Ŧ Ŧ Ŧ Ŧ Ŧ Ŧ Ŧ Ŧ Ŧ Ŧ Ŧ Ŧ Ŧ Ŧ Ŧ Ŧ Ŧ Ŧ Ŧ Ŧ Ŧ Ŧ Ŧ Ŧ Ŧ Ŧ Ŧ Ŧ × × × × × × × × × × × × × × × × ×
× × × × × × × × × × × × × × × × × × × Ŧ Ŧ Ŧ Ŧ Ŧ Ŧ Ŧ Ŧ Ŧ Ŧ Ŧ Ŧ Ŧ Ŧ Ŧ Ŧ Ŧ Ŧ Ŧ Ŧ Ŧ Ŧ Ŧ Ŧ Ŧ Ŧ Ŧ Ŧ Ŧ Ŧ Ŧ Ŧ Ŧ Ŧ Ŧ Ŧ Ŧ Ŧ Ŧ Ŧ Ŧ Ŧ Ŧ Ŧ Ŧ Ŧ Ŧ Ŧ Ŧ Ŧ Ŧ Ŧ Ŧ Ŧ Ŧ Ŧ Ŧ Ŧ Ŧ Ŧ Ŧ Ŧ Ŧ Ŧ Ŧ Ŧ Ŧ Ŧ Ŧ Ŧ Ŧ Ŧ Ŧ Ŧ Ŧ Ŧ Ŧ Ŧ Ŧ Ŧ Ŧ Ŧ Ŧ Ŧ Ŧ Ŧ × × × × × × × × × × × × × × × × ×
× × × × × × × × × × × × × × × × × × × Ŧ Ŧ Ŧ Ŧ Ŧ Ŧ Ŧ Ŧ Ŧ Ŧ Ŧ Ŧ Ŧ Ŧ Ŧ Ŧ Ŧ Ŧ Ŧ Ŧ Ŧ Ŧ Ŧ Ŧ Ŧ Ŧ Ŧ Ŧ Ŧ Ŧ Ŧ Ŧ Ŧ Ŧ Ŧ Ŧ Ŧ Ŧ Ŧ Ŧ Ŧ Ŧ Ŧ Ŧ Ŧ Ŧ Ŧ Ŧ Ŧ Ŧ Ŧ Ŧ Ŧ Ŧ Ŧ Ŧ Ŧ Ŧ Ŧ Ŧ Ŧ Ŧ Ŧ Ŧ Ŧ Ŧ Ŧ Ŧ Ŧ Ŧ Ŧ Ŧ Ŧ Ŧ Ŧ Ŧ Ŧ Ŧ Ŧ Ŧ Ŧ Ŧ Ŧ Ŧ Ŧ Ŧ × × × × × × × × × × × × × × × × ×
Ŧ Ŧ Ŧ Ŧ Ŧ Ŧ Ŧ Ŧ Ŧ Ŧ Ŧ Ŧ Ŧ Ŧ Ŧ Ŧ Ŧ Ŧ Ŧ Ŧ Ŧ Ŧ Ŧ Ŧ Ŧ Ŧ Ŧ Ŧ Ŧ Ŧ Ŧ Ŧ Ŧ Ŧ Ŧ Ŧ Ŧ Ŧ Ŧ Ŧ Ŧ Ŧ Ŧ Ŧ Ŧ Ŧ Ŧ Ŧ Ŧ Ŧ Ŧ Ŧ Ŧ Ŧ Ŧ Ŧ Ŧ Ŧ Ŧ Ŧ Ŧ Ŧ Ŧ Ŧ Ŧ Ŧ Ŧ Ŧ Ŧ Ŧ Ŧ Ŧ Ŧ Ŧ Ŧ Ŧ Ŧ Ŧ Ŧ Ŧ Ŧ Ŧ Ŧ
Ŧ Ŧ Ŧ Ŧ Ŧ Ŧ Ŧ Ŧ Ŧ Ŧ Ŧ Ŧ Ŧ Ŧ Ŧ Ŧ Ŧ Ŧ Ŧ Ŧ Ŧ Ŧ Ŧ Ŧ Ŧ Ŧ Ŧ Ŧ Ŧ Ŧ Ŧ Ŧ Ŧ Ŧ Ŧ Ŧ Ŧ Ŧ Ŧ Ŧ Ŧ Ŧ Ŧ Ŧ Ŧ Ŧ Ŧ Ŧ Ŧ Ŧ Ŧ Ŧ Ŧ Ŧ Ŧ Ŧ Ŧ Ŧ Ŧ Ŧ Ŧ Ŧ Ŧ Ŧ Ŧ Ŧ Ŧ Ŧ Ŧ Ŧ Ŧ Ŧ Ŧ Ŧ Ŧ Ŧ Ŧ Ŧ Ŧ Ŧ Ŧ
Ŧ Ŧ Ŧ Ŧ Ŧ Ŧ Ŧ Ŧ Ŧ Ŧ Ŧ Ŧ Ŧ Ŧ Ŧ Ŧ Ŧ Ŧ Ŧ Ŧ Ŧ Ŧ Ŧ Ŧ Ŧ Ŧ Ŧ Ŧ Ŧ Ŧ Ŧ Ŧ Ŧ Ŧ Ŧ Ŧ Ŧ Ŧ Ŧ Ŧ Ŧ Ŧ Ŧ Ŧ Ŧ Ŧ Ŧ Ŧ Ŧ Ŧ Ŧ Ŧ Ŧ Ŧ Ŧ Ŧ Ŧ Ŧ Ŧ Ŧ Ŧ Ŧ Ŧ Ŧ Ŧ Ŧ Ŧ Ŧ Ŧ Ŧ Ŧ Ŧ Ŧ Ŧ Ŧ Ŧ Ŧ Ŧ Ŧ
Ŧ Ŧ Ŧ Ŧ Ŧ Ŧ Ŧ Ŧ Ŧ Ŧ Ŧ Ŧ Ŧ Ŧ Ŧ Ŧ Ŧ Ŧ Ŧ Ŧ Ŧ Ŧ Ŧ Ŧ Ŧ Ŧ Ŧ Ŧ Ŧ Ŧ Ŧ Ŧ Ŧ Ŧ Ŧ Ŧ Ŧ Ŧ Ŧ Ŧ Ŧ Ŧ Ŧ Ŧ Ŧ Ŧ Ŧ Ŧ Ŧ Ŧ Ŧ Ŧ Ŧ Ŧ Ŧ Ŧ Ŧ Ŧ Ŧ Ŧ Ŧ Ŧ Ŧ Ŧ Ŧ Ŧ Ŧ Ŧ Ŧ Ŧ Ŧ Ŧ Ŧ Ŧ Ŧ Ŧ
Ŧ Ŧ Ŧ Ŧ Ŧ Ŧ Ŧ Ŧ Ŧ Ŧ Ŧ Ŧ Ŧ Ŧ Ŧ Ŧ Ŧ Ŧ Ŧ Ŧ Ŧ Ŧ Ŧ Ŧ Ŧ Ŧ Ŧ Ŧ Ŧ Ŧ Ŧ Ŧ Ŧ Ŧ Ŧ Ŧ Ŧ Ŧ Ŧ Ŧ Ŧ Ŧ Ŧ Ŧ Ŧ Ŧ Ŧ Ŧ Ŧ Ŧ Ŧ Ŧ Ŧ Ŧ Ŧ Ŧ Ŧ Ŧ Ŧ Ŧ Ŧ Ŧ Ŧ Ŧ Ŧ Ŧ Ŧ Ŧ Ŧ Ŧ Ŧ Ŧ Ŧ Ŧ
Ŧ Ŧ Ŧ Ŧ Ŧ Ŧ Ŧ Ŧ Ŧ Ŧ Ŧ Ŧ Ŧ Ŧ Ŧ Ŧ Ŧ Ŧ Ŧ Ŧ Ŧ Ŧ Ŧ Ŧ Ŧ Ŧ Ŧ Ŧ Ŧ Ŧ Ŧ Ŧ Ŧ Ŧ Ŧ Ŧ Ŧ Ŧ Ŧ Ŧ Ŧ Ŧ Ŧ Ŧ Ŧ Ŧ Ŧ Ŧ Ŧ Ŧ Ŧ Ŧ Ŧ Ŧ Ŧ Ŧ Ŧ Ŧ Ŧ Ŧ Ŧ Ŧ Ŧ Ŧ Ŧ Ŧ Ŧ Ŧ Ŧ Ŧ Ŧ Ŧ
Ŧ Ŧ Ŧ Ŧ Ŧ Ŧ Ŧ Ŧ Ŧ Ŧ Ŧ Ŧ Ŧ Ŧ Ŧ Ŧ Ŧ Ŧ Ŧ Ŧ Ŧ Ŧ Ŧ Ŧ Ŧ Ŧ Ŧ Ŧ Ŧ Ŧ Ŧ Ŧ Ŧ Ŧ Ŧ Ŧ Ŧ Ŧ Ŧ Ŧ Ŧ Ŧ Ŧ Ŧ Ŧ Ŧ Ŧ Ŧ Ŧ Ŧ Ŧ Ŧ Ŧ Ŧ Ŧ Ŧ Ŧ Ŧ Ŧ Ŧ Ŧ Ŧ Ŧ Ŧ Ŧ Ŧ Ŧ Ŧ Ŧ Ŧ
Ŧ Ŧ Ŧ Ŧ Ŧ Ŧ Ŧ Ŧ Ŧ Ŧ Ŧ Ŧ Ŧ Ŧ Ŧ Ŧ Ŧ Ŧ Ŧ Ŧ Ŧ Ŧ Ŧ Ŧ Ŧ Ŧ Ŧ Ŧ Ŧ Ŧ Ŧ Ŧ Ŧ Ŧ Ŧ Ŧ Ŧ Ŧ Ŧ Ŧ Ŧ Ŧ Ŧ Ŧ Ŧ Ŧ Ŧ Ŧ Ŧ Ŧ Ŧ Ŧ Ŧ Ŧ Ŧ Ŧ Ŧ Ŧ Ŧ Ŧ Ŧ Ŧ Ŧ Ŧ Ŧ Ŧ Ŧ Ŧ
Ŧ Ŧ Ŧ Ŧ Ŧ Ŧ Ŧ Ŧ Ŧ Ŧ Ŧ Ŧ Ŧ Ŧ Ŧ Ŧ Ŧ Ŧ Ŧ Ŧ Ŧ Ŧ Ŧ Ŧ Ŧ Ŧ Ŧ Ŧ Ŧ Ŧ Ŧ Ŧ Ŧ Ŧ Ŧ Ŧ Ŧ Ŧ Ŧ Ŧ Ŧ Ŧ Ŧ Ŧ Ŧ Ŧ Ŧ Ŧ Ŧ Ŧ Ŧ Ŧ Ŧ Ŧ Ŧ Ŧ Ŧ Ŧ Ŧ Ŧ Ŧ Ŧ Ŧ Ŧ Ŧ Ŧ
Ŧ Ŧ Ŧ Ŧ Ŧ Ŧ Ŧ Ŧ Ŧ Ŧ Ŧ Ŧ Ŧ Ŧ Ŧ Ŧ Ŧ Ŧ Ŧ Ŧ Ŧ Ŧ Ŧ Ŧ Ŧ Ŧ Ŧ Ŧ Ŧ Ŧ Ŧ Ŧ Ŧ Ŧ Ŧ Ŧ Ŧ Ŧ Ŧ Ŧ Ŧ Ŧ Ŧ Ŧ Ŧ Ŧ Ŧ Ŧ Ŧ Ŧ Ŧ Ŧ Ŧ Ŧ Ŧ Ŧ Ŧ Ŧ Ŧ Ŧ Ŧ Ŧ Ŧ Ŧ
Ŧ Ŧ Ŧ Ŧ Ŧ Ŧ Ŧ Ŧ Ŧ Ŧ Ŧ Ŧ Ŧ Ŧ Ŧ Ŧ Ŧ Ŧ Ŧ Ŧ Ŧ Ŧ Ŧ Ŧ Ŧ Ŧ Ŧ Ŧ Ŧ Ŧ Ŧ Ŧ Ŧ Ŧ Ŧ Ŧ Ŧ Ŧ Ŧ Ŧ Ŧ Ŧ Ŧ Ŧ Ŧ Ŧ Ŧ Ŧ Ŧ Ŧ Ŧ Ŧ Ŧ Ŧ Ŧ Ŧ Ŧ Ŧ Ŧ Ŧ Ŧ
Ŧ Ŧ Ŧ Ŧ Ŧ Ŧ Ŧ Ŧ Ŧ Ŧ Ŧ Ŧ Ŧ Ŧ Ŧ Ŧ Ŧ Ŧ Ŧ Ŧ Ŧ Ŧ Ŧ Ŧ Ŧ Ŧ Ŧ Ŧ Ŧ Ŧ Ŧ Ŧ Ŧ Ŧ Ŧ Ŧ Ŧ Ŧ Ŧ Ŧ Ŧ Ŧ Ŧ Ŧ Ŧ Ŧ Ŧ Ŧ Ŧ Ŧ Ŧ Ŧ Ŧ Ŧ Ŧ Ŧ Ŧ Ŧ Ŧ
Ŧ Ŧ Ŧ Ŧ Ŧ Ŧ Ŧ Ŧ Ŧ Ŧ Ŧ Ŧ Ŧ Ŧ Ŧ Ŧ Ŧ Ŧ Ŧ Ŧ Ŧ Ŧ Ŧ Ŧ Ŧ Ŧ Ŧ Ŧ Ŧ Ŧ Ŧ Ŧ Ŧ Ŧ Ŧ Ŧ Ŧ Ŧ Ŧ Ŧ Ŧ Ŧ Ŧ Ŧ Ŧ Ŧ Ŧ Ŧ Ŧ Ŧ Ŧ Ŧ Ŧ Ŧ Ŧ Ŧ Ŧ
Ŧ Ŧ Ŧ Ŧ Ŧ Ŧ Ŧ Ŧ Ŧ Ŧ Ŧ Ŧ Ŧ Ŧ Ŧ Ŧ Ŧ Ŧ Ŧ Ŧ Ŧ Ŧ Ŧ Ŧ Ŧ Ŧ Ŧ Ŧ Ŧ Ŧ Ŧ Ŧ Ŧ Ŧ Ŧ Ŧ Ŧ Ŧ Ŧ Ŧ Ŧ Ŧ Ŧ Ŧ Ŧ Ŧ Ŧ Ŧ Ŧ Ŧ Ŧ Ŧ Ŧ Ŧ
Ŧ Ŧ Ŧ Ŧ Ŧ Ŧ Ŧ Ŧ Ŧ Ŧ Ŧ Ŧ Ŧ Ŧ Ŧ Ŧ Ŧ Ŧ Ŧ Ŧ Ŧ Ŧ Ŧ Ŧ Ŧ Ŧ Ŧ Ŧ Ŧ Ŧ Ŧ Ŧ Ŧ Ŧ Ŧ Ŧ Ŧ Ŧ Ŧ Ŧ Ŧ Ŧ Ŧ Ŧ Ŧ Ŧ Ŧ Ŧ Ŧ Ŧ Ŧ Ŧ
Ŧ Ŧ Ŧ Ŧ Ŧ Ŧ Ŧ Ŧ Ŧ Ŧ Ŧ Ŧ Ŧ Ŧ Ŧ Ŧ Ŧ Ŧ Ŧ Ŧ Ŧ Ŧ Ŧ Ŧ Ŧ Ŧ Ŧ Ŧ Ŧ Ŧ Ŧ Ŧ Ŧ Ŧ Ŧ Ŧ Ŧ Ŧ Ŧ Ŧ Ŧ Ŧ Ŧ Ŧ Ŧ Ŧ Ŧ Ŧ Ŧ Ŧ
Ŧ Ŧ Ŧ Ŧ Ŧ Ŧ Ŧ Ŧ Ŧ Ŧ Ŧ Ŧ Ŧ Ŧ Ŧ Ŧ Ŧ Ŧ Ŧ Ŧ Ŧ Ŧ Ŧ Ŧ Ŧ Ŧ Ŧ Ŧ Ŧ Ŧ Ŧ Ŧ Ŧ Ŧ Ŧ Ŧ Ŧ Ŧ Ŧ Ŧ Ŧ Ŧ Ŧ Ŧ Ŧ Ŧ Ŧ Ŧ
Ŧ Ŧ Ŧ Ŧ Ŧ Ŧ Ŧ Ŧ Ŧ Ŧ Ŧ Ŧ Ŧ Ŧ Ŧ Ŧ Ŧ Ŧ Ŧ Ŧ Ŧ Ŧ Ŧ Ŧ Ŧ Ŧ Ŧ Ŧ Ŧ Ŧ Ŧ Ŧ Ŧ Ŧ Ŧ Ŧ Ŧ Ŧ Ŧ Ŧ Ŧ Ŧ Ŧ Ŧ Ŧ Ŧ
Ŧ Ŧ Ŧ Ŧ Ŧ Ŧ Ŧ Ŧ Ŧ Ŧ Ŧ Ŧ Ŧ Ŧ Ŧ Ŧ Ŧ Ŧ Ŧ Ŧ Ŧ Ŧ Ŧ Ŧ Ŧ Ŧ Ŧ Ŧ Ŧ Ŧ Ŧ Ŧ Ŧ Ŧ Ŧ Ŧ Ŧ Ŧ Ŧ Ŧ Ŧ Ŧ Ŧ Ŧ
Ŧ Ŧ Ŧ Ŧ Ŧ Ŧ Ŧ Ŧ Ŧ Ŧ Ŧ Ŧ Ŧ Ŧ Ŧ Ŧ Ŧ Ŧ Ŧ Ŧ Ŧ Ŧ Ŧ Ŧ Ŧ Ŧ Ŧ Ŧ Ŧ Ŧ Ŧ Ŧ Ŧ Ŧ Ŧ Ŧ Ŧ Ŧ Ŧ Ŧ Ŧ
Ŧ Ŧ Ŧ Ŧ Ŧ Ŧ Ŧ Ŧ Ŧ Ŧ Ŧ Ŧ Ŧ Ŧ Ŧ Ŧ Ŧ Ŧ Ŧ Ŧ Ŧ Ŧ Ŧ Ŧ Ŧ Ŧ Ŧ Ŧ Ŧ Ŧ Ŧ Ŧ Ŧ Ŧ Ŧ Ŧ Ŧ Ŧ Ŧ
Ŧ Ŧ Ŧ Ŧ Ŧ Ŧ Ŧ Ŧ Ŧ Ŧ Ŧ Ŧ Ŧ Ŧ Ŧ Ŧ Ŧ Ŧ Ŧ Ŧ Ŧ Ŧ Ŧ Ŧ Ŧ Ŧ Ŧ Ŧ Ŧ Ŧ Ŧ Ŧ Ŧ Ŧ Ŧ Ŧ Ŧ
42
41
40
39
38
37
36
35
34
33
32
31
30
29
28
27
26
2
1
前身頃	後ろ身頃	前身頃
編み終わり (チェーンつなぎ)
編み終わり (チェーンつなぎ)
編み終わり
(チェーンつなぎ)
編みはじめ(作り目くさり編み22目)
糸を付ける
糸を切る
矢印の先に編み入れる
矢印の先の目を続けて編む
スナップボタン取り付け位置
フリル配色表
段数	糸色
17段目すじ編み残り半目	青
15段目すじ編み残り半目	水色
13段目すじ編み残り半目	ピンク
11段目すじ編み残り半目	赤
9段目すじ編み残り半目	橙
7段目すじ編み残り半目	黄
5段目すじ編み残り半目	緑
3段目すじ編み残り半目	青
仕上がりサイズ	首回り 22cm
袖回り
22cm
胴回り 30cm
着丈
30cm
〈フリル〉 フリル配色表のとおりに編み付ける
3
2
1
フリル
編みはじめ
すじ編み残り半目
糸を切る
矢印の方向に編み進める
64
